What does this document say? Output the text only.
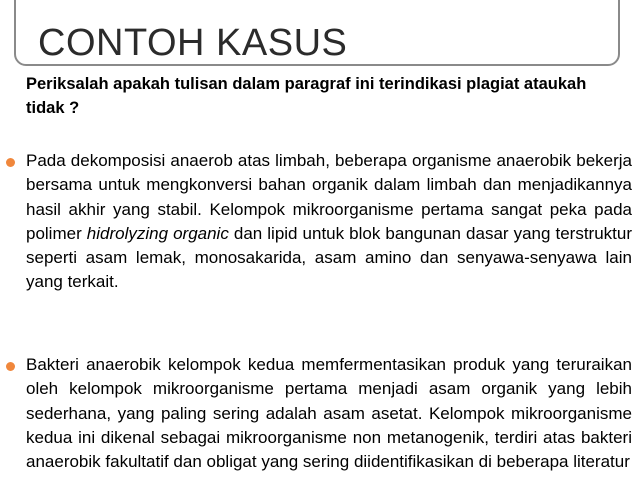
CONTOH KASUS

Periksalah apakah tulisan dalam paragraf ini terindikasi plagiat ataukah tidak ?

Pada dekomposisi anaerob atas limbah, beberapa organisme anaerobik bekerja bersama untuk mengkonversi bahan organik dalam limbah dan menjadikannya hasil akhir yang stabil. Kelompok mikroorganisme pertama sangat peka pada polimer hidrolyzing organic dan lipid untuk blok bangunan dasar yang terstruktur seperti asam lemak, monosakarida, asam amino dan senyawa-senyawa lain yang terkait.

Bakteri anaerobik kelompok kedua memfermentasikan produk yang teruraikan oleh kelompok mikroorganisme pertama menjadi asam organik yang lebih sederhana, yang paling sering adalah asam asetat. Kelompok mikroorganisme kedua ini dikenal sebagai mikroorganisme non metanogenik, terdiri atas bakteri anaerobik fakultatif dan obligat yang sering diidentifikasikan di beberapa literatur
